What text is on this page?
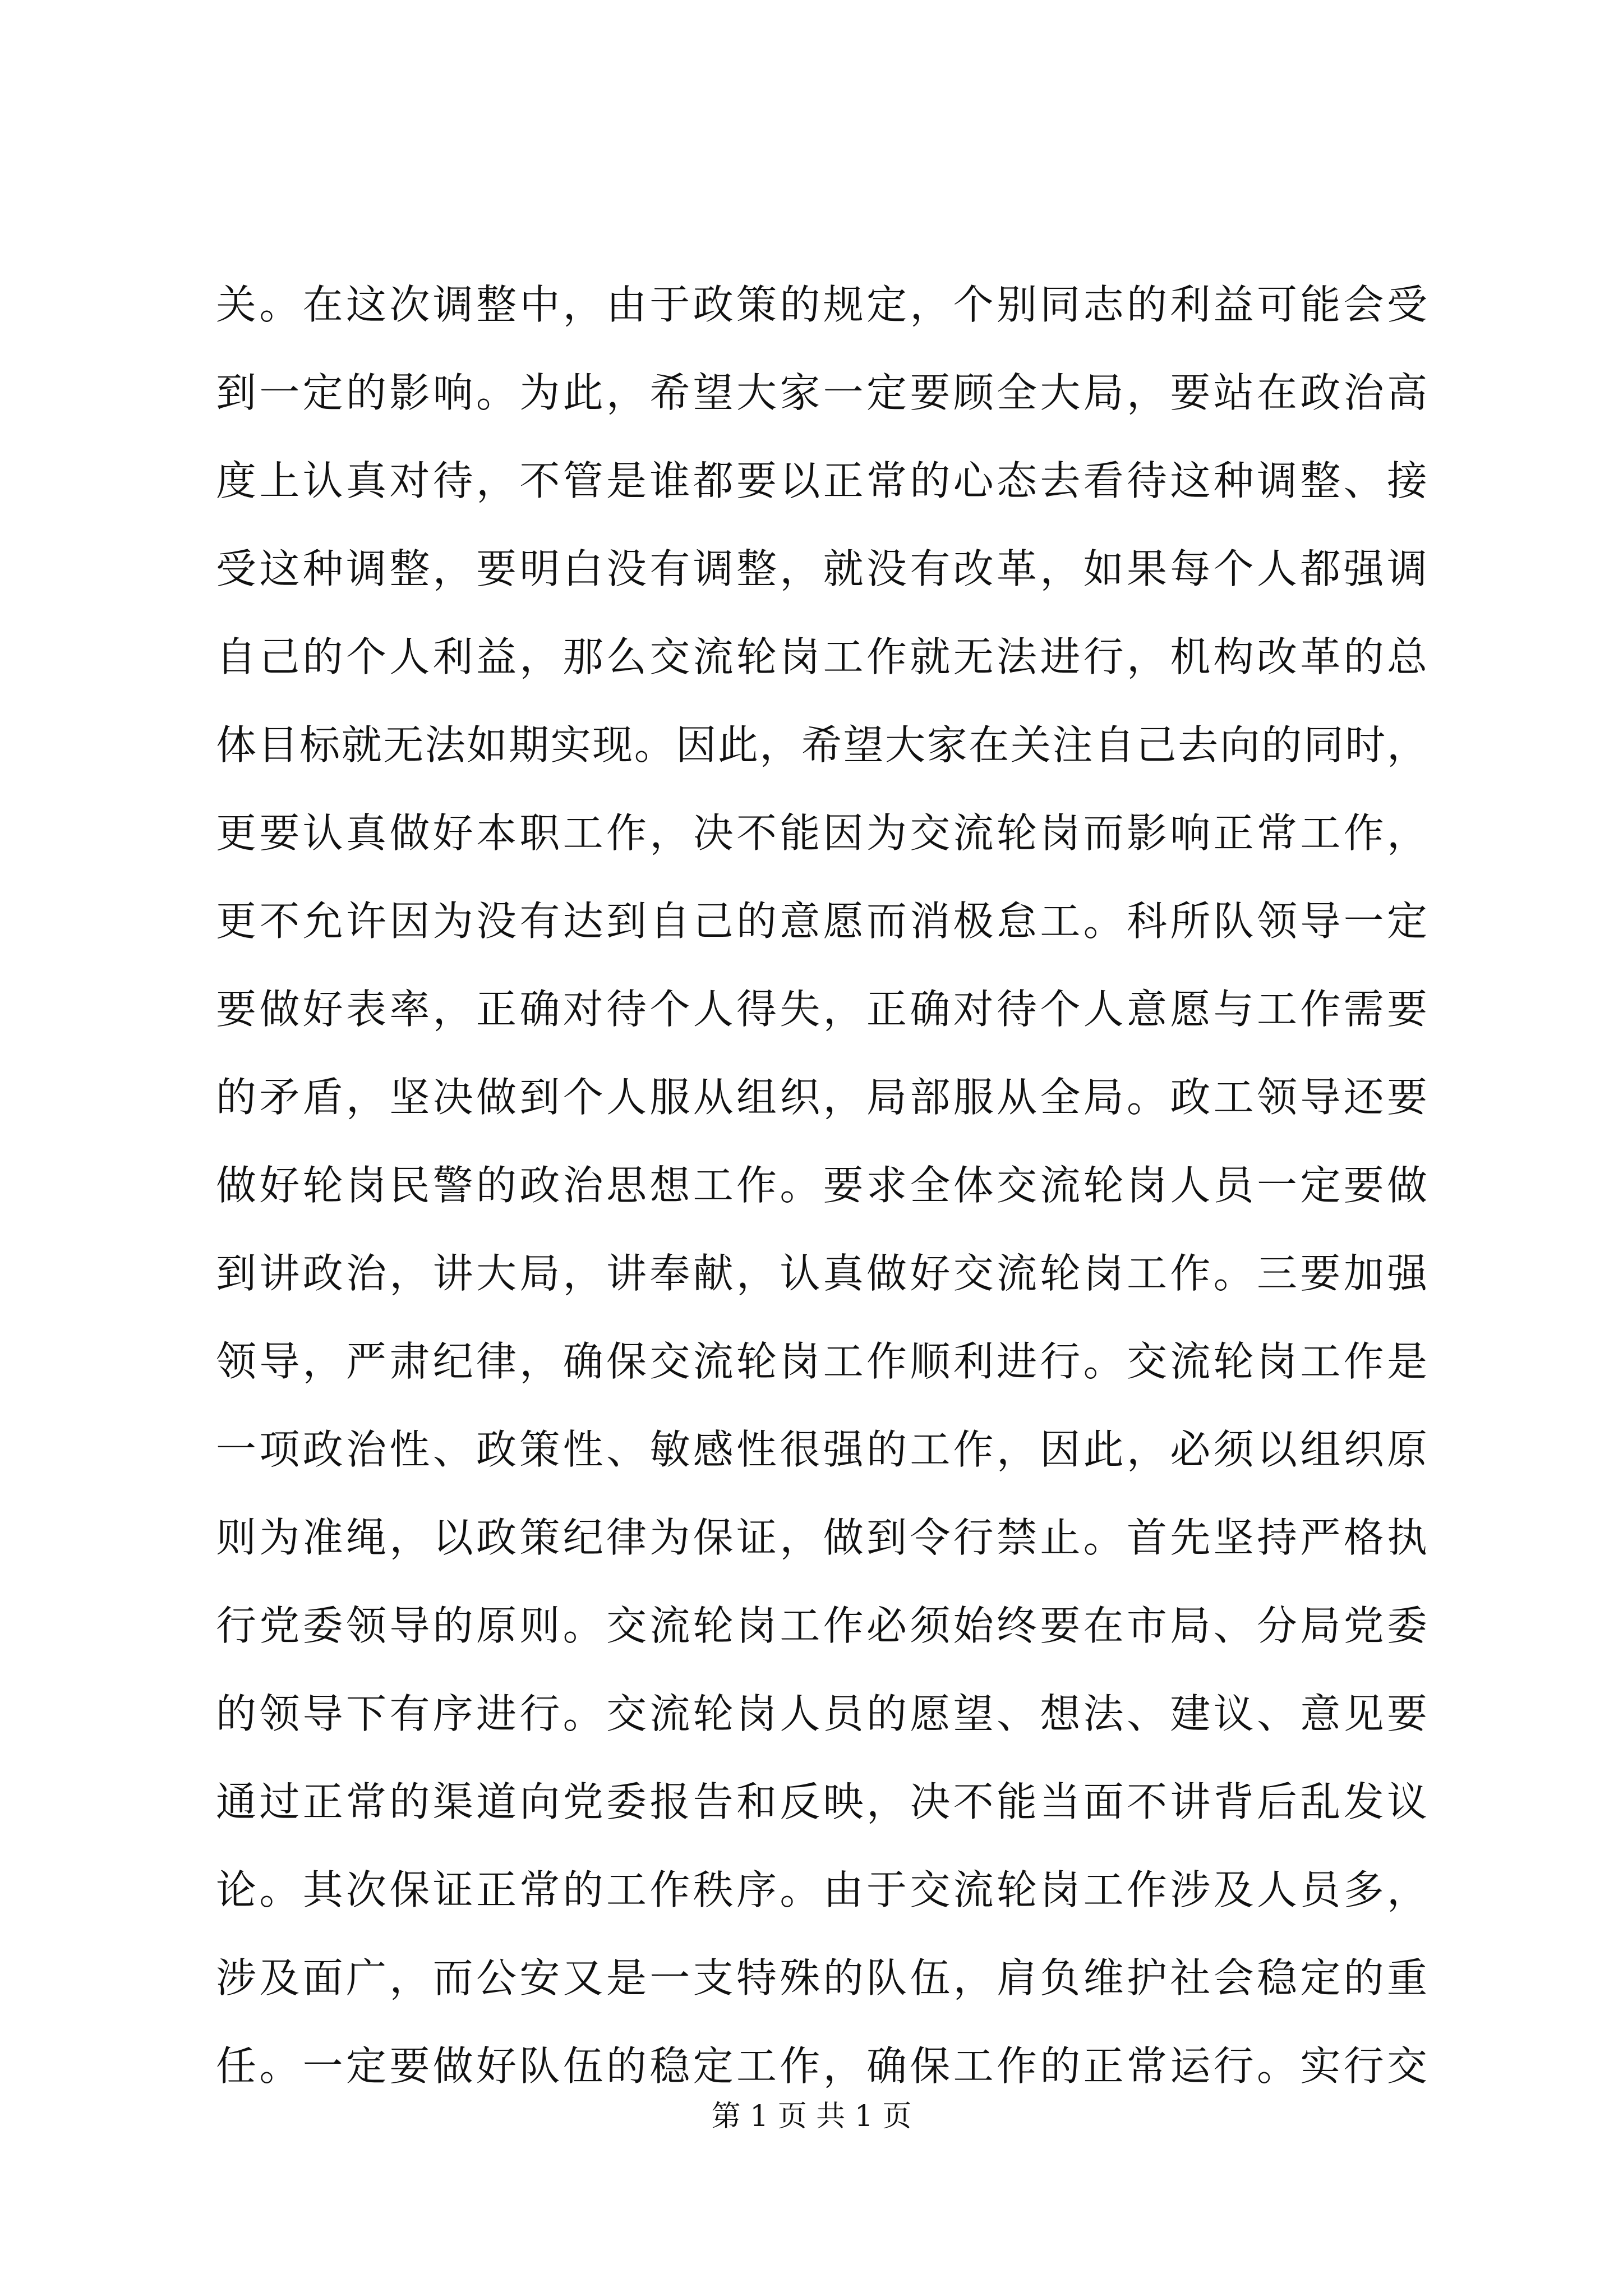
关。在这次调整中，由于政策的规定，个别同志的利益可能会受
到一定的影响。为此，希望大家一定要顾全大局，要站在政治高
度上认真对待，不管是谁都要以正常的心态去看待这种调整、接
受这种调整，要明白没有调整，就没有改革，如果每个人都强调
自己的个人利益，那么交流轮岗工作就无法进行，机构改革的总
体目标就无法如期实现。因此，希望大家在关注自己去向的同时，
更要认真做好本职工作，决不能因为交流轮岗而影响正常工作，
更不允许因为没有达到自己的意愿而消极怠工。科所队领导一定
要做好表率，正确对待个人得失，正确对待个人意愿与工作需要
的矛盾，坚决做到个人服从组织，局部服从全局。政工领导还要
做好轮岗民警的政治思想工作。要求全体交流轮岗人员一定要做
到讲政治，讲大局，讲奉献，认真做好交流轮岗工作。三要加强
领导，严肃纪律，确保交流轮岗工作顺利进行。交流轮岗工作是
一项政治性、政策性、敏感性很强的工作，因此，必须以组织原
则为准绳，以政策纪律为保证，做到令行禁止。首先坚持严格执
行党委领导的原则。交流轮岗工作必须始终要在市局、分局党委
的领导下有序进行。交流轮岗人员的愿望、想法、建议、意见要
通过正常的渠道向党委报告和反映，决不能当面不讲背后乱发议
论。其次保证正常的工作秩序。由于交流轮岗工作涉及人员多，
涉及面广，而公安又是一支特殊的队伍，肩负维护社会稳定的重
任。一定要做好队伍的稳定工作，确保工作的正常运行。实行交
第 1 页 共 1 页
